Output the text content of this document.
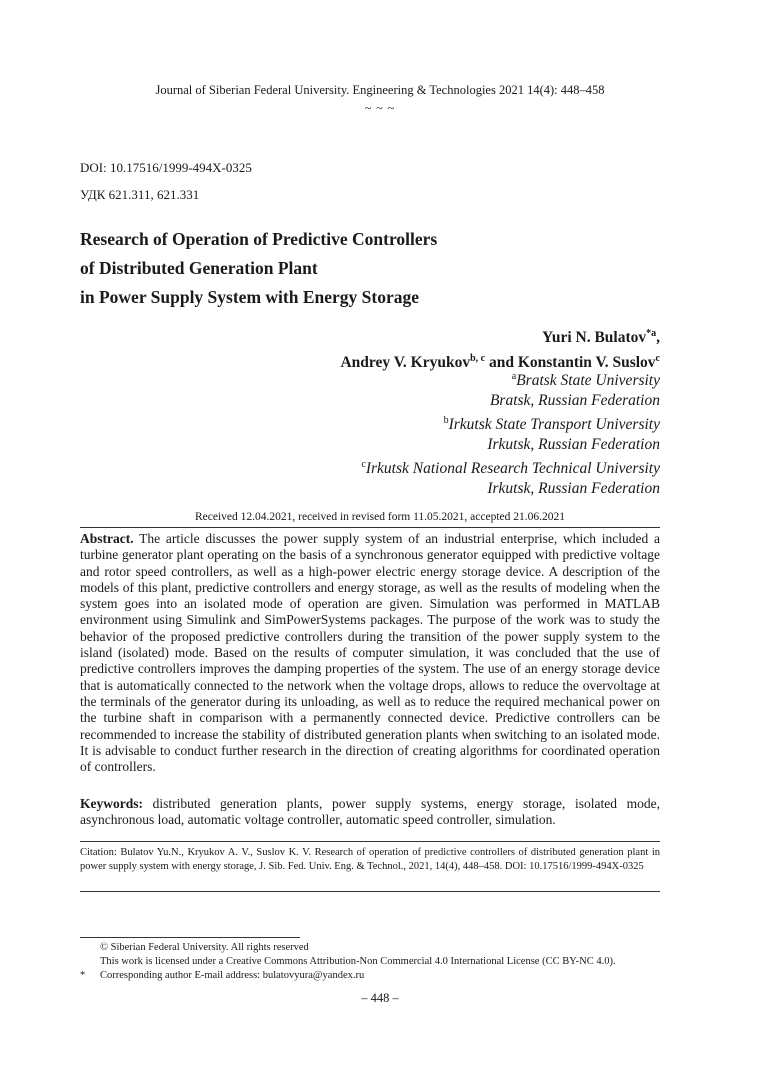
Journal of Siberian Federal University. Engineering & Technologies 2021 14(4): 448–458
~ ~ ~
DOI: 10.17516/1999-494X-0325
УДК 621.311, 621.331
Research of Operation of Predictive Controllers
of Distributed Generation Plant
in Power Supply System with Energy Storage
Yuri N. Bulatov$^{*a}$,
Andrey V. Kryukov$^{b, c}$ and Konstantin V. Suslov$^c$
$^a$Bratsk State University
Bratsk, Russian Federation
$^b$Irkutsk State Transport University
Irkutsk, Russian Federation
$^c$Irkutsk National Research Technical University
Irkutsk, Russian Federation
Received 12.04.2021, received in revised form 11.05.2021, accepted 21.06.2021
Abstract. The article discusses the power supply system of an industrial enterprise, which included a turbine generator plant operating on the basis of a synchronous generator equipped with predictive voltage and rotor speed controllers, as well as a high-power electric energy storage device. A description of the models of this plant, predictive controllers and energy storage, as well as the results of modeling when the system goes into an isolated mode of operation are given. Simulation was performed in MATLAB environment using Simulink and SimPowerSystems packages. The purpose of the work was to study the behavior of the proposed predictive controllers during the transition of the power supply system to the island (isolated) mode. Based on the results of computer simulation, it was concluded that the use of predictive controllers improves the damping properties of the system. The use of an energy storage device that is automatically connected to the network when the voltage drops, allows to reduce the overvoltage at the terminals of the generator during its unloading, as well as to reduce the required mechanical power on the turbine shaft in comparison with a permanently connected device. Predictive controllers can be recommended to increase the stability of distributed generation plants when switching to an isolated mode. It is advisable to conduct further research in the direction of creating algorithms for coordinated operation of controllers.
Keywords: distributed generation plants, power supply systems, energy storage, isolated mode, asynchronous load, automatic voltage controller, automatic speed controller, simulation.
Citation: Bulatov Yu.N., Kryukov A. V., Suslov K. V. Research of operation of predictive controllers of distributed generation plant in power supply system with energy storage, J. Sib. Fed. Univ. Eng. & Technol., 2021, 14(4), 448–458. DOI: 10.17516/1999-494X-0325
© Siberian Federal University. All rights reserved
This work is licensed under a Creative Commons Attribution-Non Commercial 4.0 International License (CC BY-NC 4.0).
* Corresponding author E-mail address: bulatovyura@yandex.ru
– 448 –
